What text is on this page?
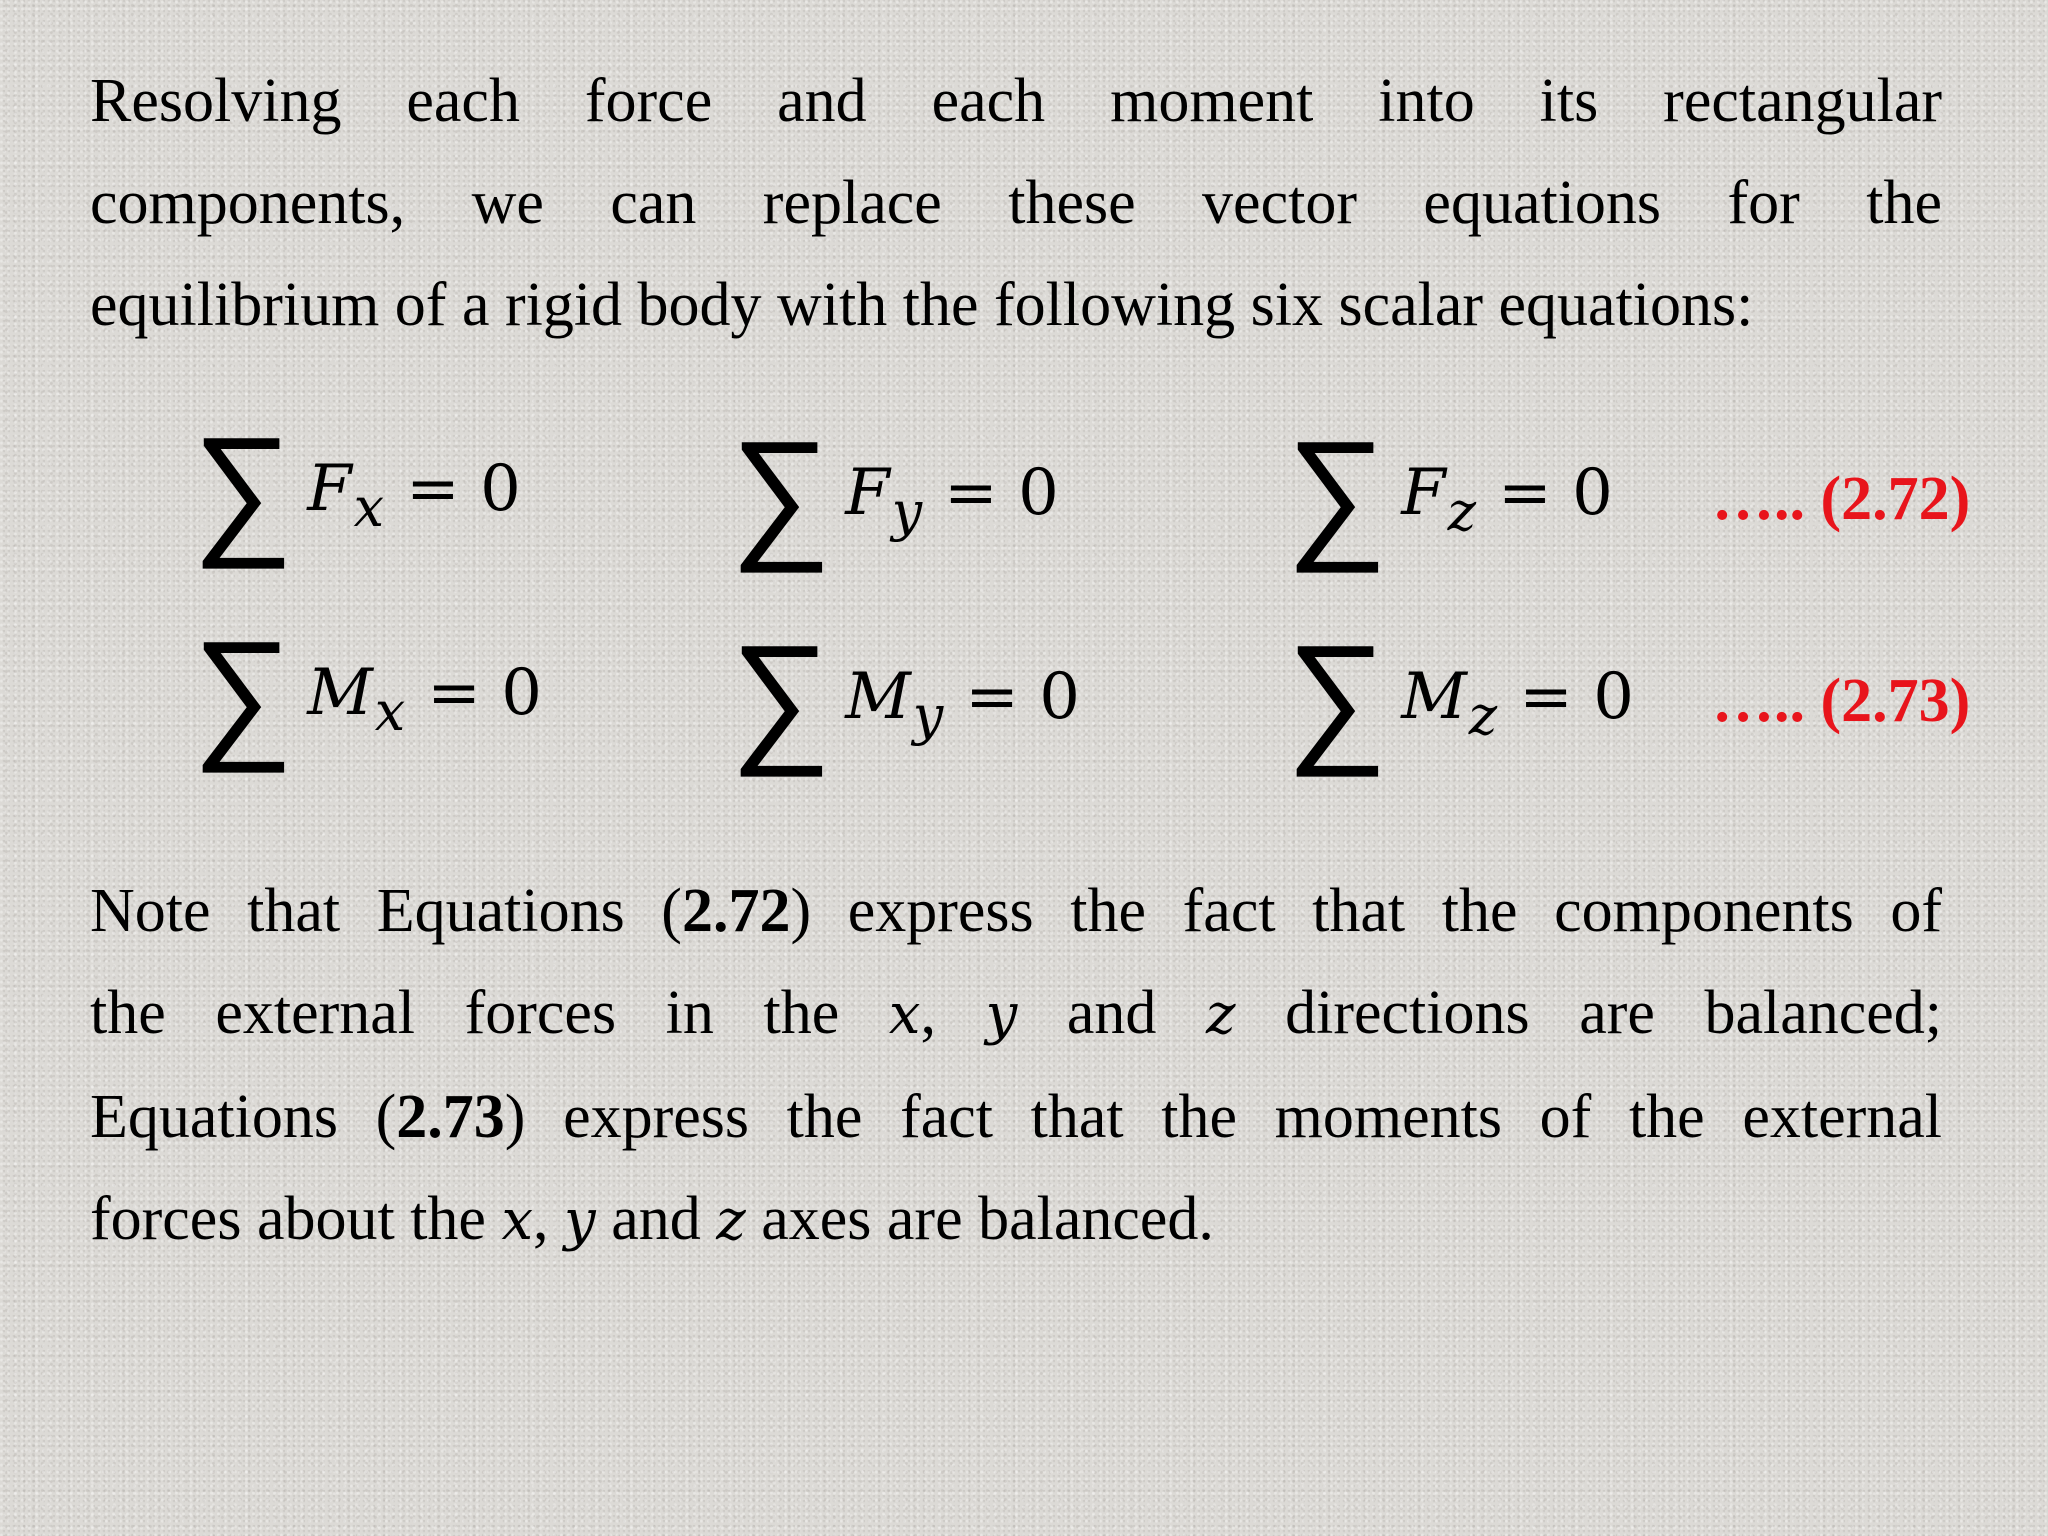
Resolving each force and each moment into its rectangular
components, we can replace these vector equations for the
equilibrium of a rigid body with the following six scalar equations:
∑ F x = 0 ∑ F y = 0 ∑ F z = 0 ….. (2.72)
∑ M x = 0 ∑ M y = 0 ∑ M z = 0 ….. (2.73)
Note that Equations (2.72) express the fact that the components of
the external forces in the x, y and z directions are balanced;
Equations (2.73) express the fact that the moments of the external
forces about the x, y and z axes are balanced.
